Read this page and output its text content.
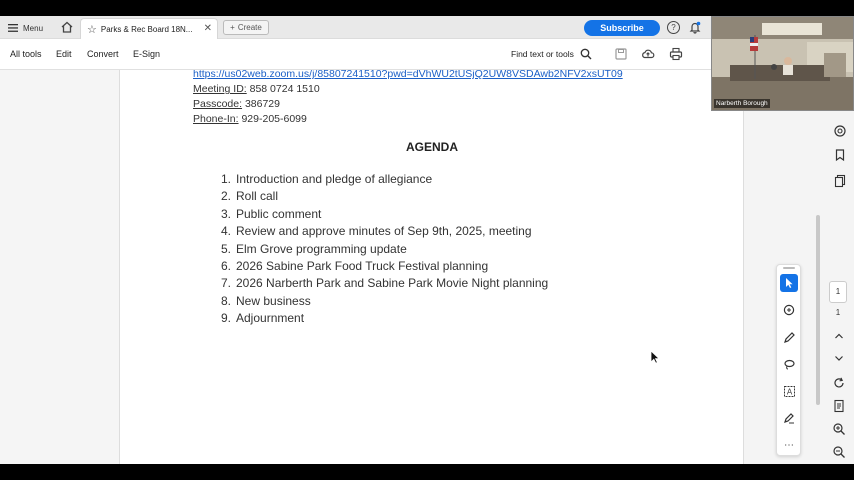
Menu	☆ Parks & Rec Board 18N... ✕ + Create	Subscribe	?
All tools Edit Convert E-Sign	Find text or tools
https://us02web.zoom.us/j/85807241510?pwd=dVhWU2tUSjQ2UW8VSDAwb2NFV2xsUT09
Meeting ID: 858 0724 1510
Passcode: 386729
Phone-In: 929-205-6099
AGENDA
1. Introduction and pledge of allegiance
2. Roll call
3. Public comment
4. Review and approve minutes of Sep 9th, 2025, meeting
5. Elm Grove programming update
6. 2026 Sabine Park Food Truck Festival planning
7. 2026 Narberth Park and Sabine Park Movie Night planning
8. New business
9. Adjournment
A
⋯
1
1
Narberth Borough
